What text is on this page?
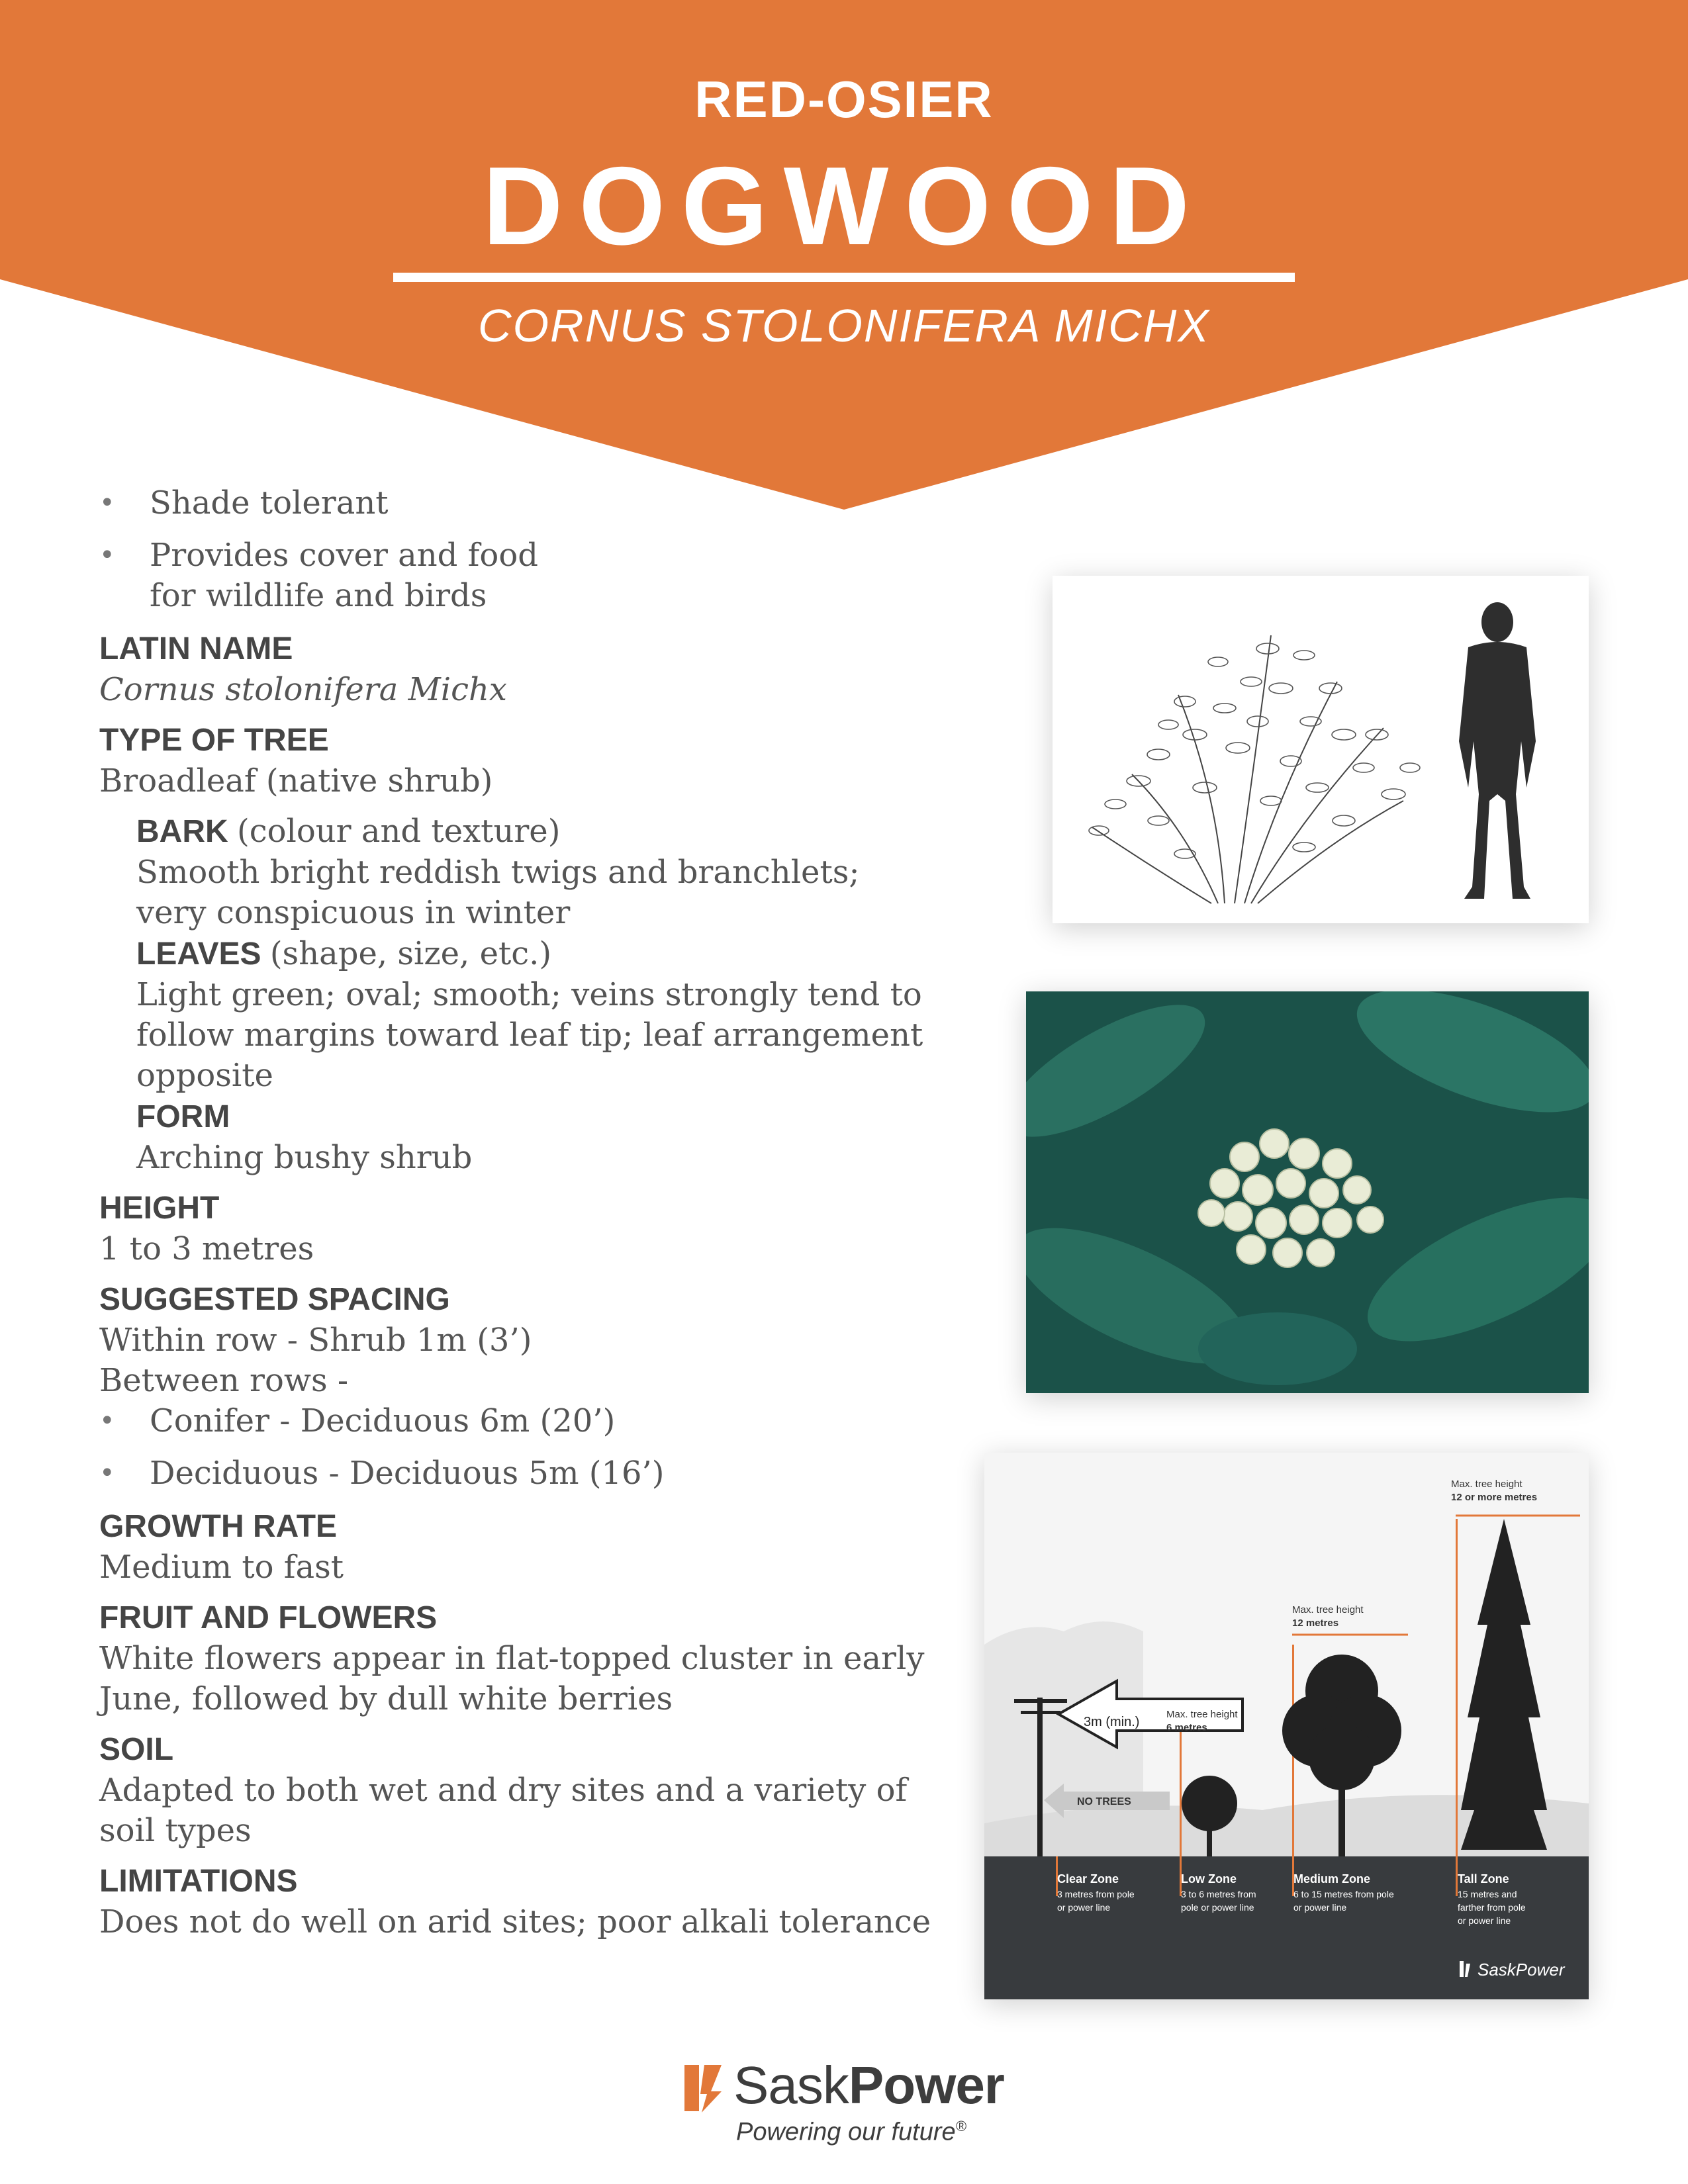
RED-OSIER
DOGWOOD
CORNUS STOLONIFERA MICHX
• Shade tolerant
• Provides cover and food for wildlife and birds
LATIN NAME
Cornus stolonifera Michx
TYPE OF TREE
Broadleaf (native shrub)
BARK (colour and texture)
Smooth bright reddish twigs and branchlets; very conspicuous in winter
LEAVES (shape, size, etc.)
Light green; oval; smooth; veins strongly tend to follow margins toward leaf tip; leaf arrangement opposite
FORM
Arching bushy shrub
HEIGHT
1 to 3 metres
SUGGESTED SPACING
Within row - Shrub 1m (3’)
Between rows -
• Conifer - Deciduous 6m (20’)
• Deciduous - Deciduous 5m (16’)
GROWTH RATE
Medium to fast
FRUIT AND FLOWERS
White flowers appear in flat-topped cluster in early June, followed by dull white berries
SOIL
Adapted to both wet and dry sites and a variety of soil types
LIMITATIONS
Does not do well on arid sites; poor alkali tolerance
3m (min.)
NO TREES
Max. tree height
6 metres
Max. tree height
12 metres
Max. tree height
12 or more metres
Clear Zone
3 metres from pole
or power line
Low Zone
3 to 6 metres from
pole or power line
Medium Zone
6 to 15 metres from pole
or power line
Tall Zone
15 metres and
farther from pole
or power line
SaskPower
SaskPower
Powering our future®
